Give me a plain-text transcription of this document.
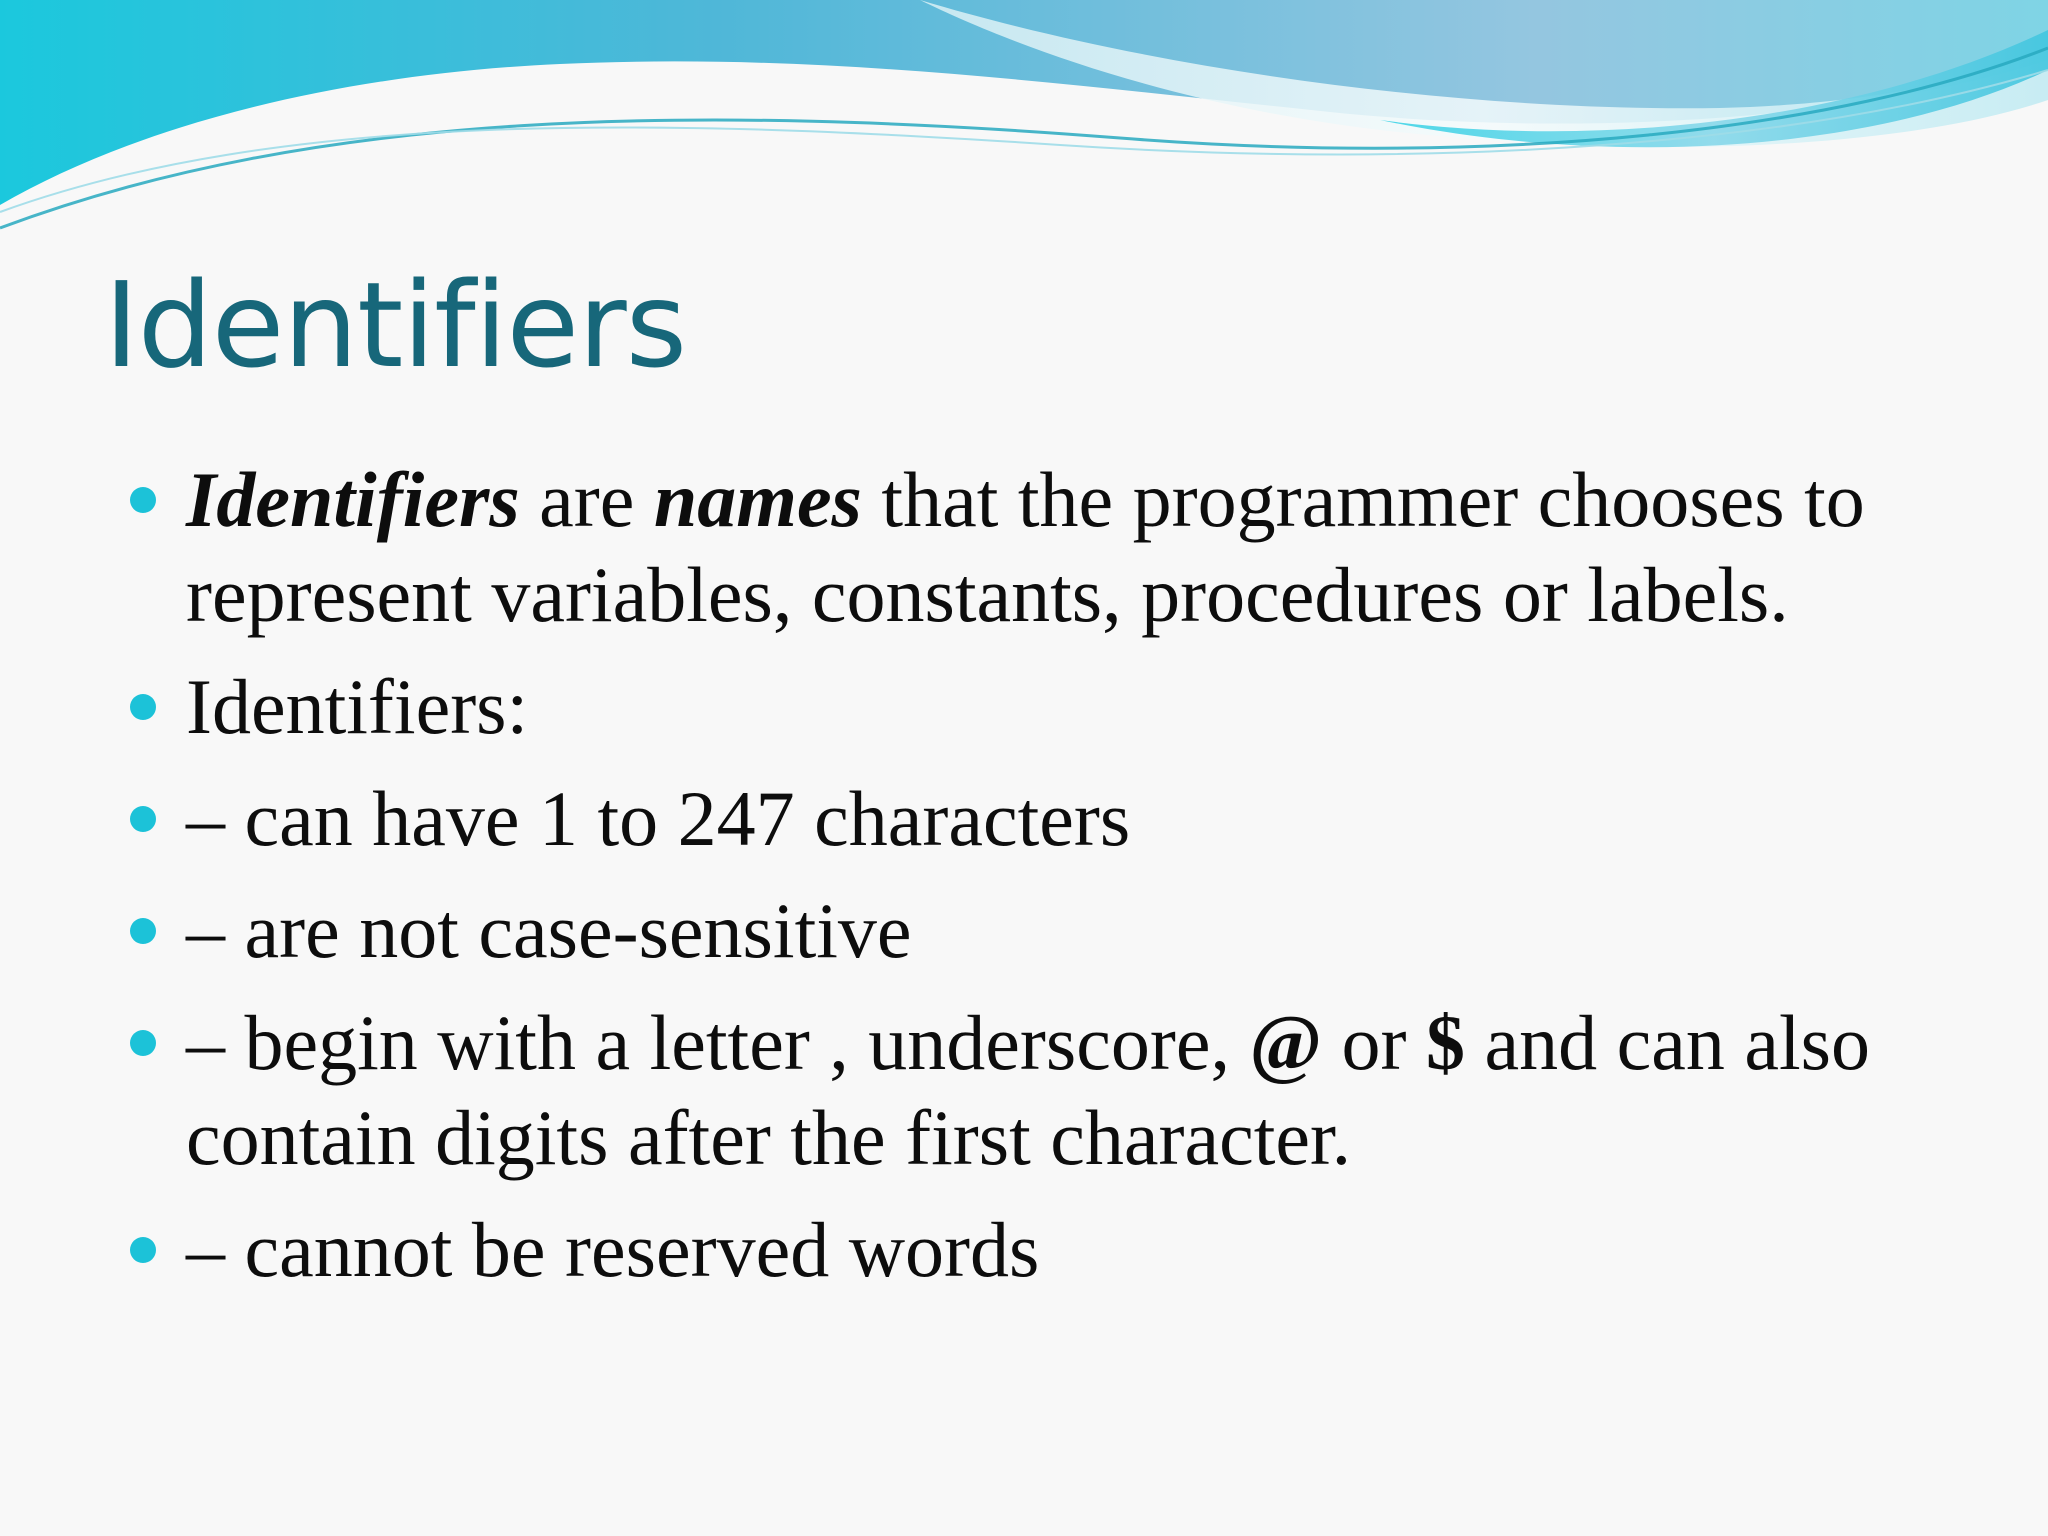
Identifiers
Identifiers are names that the programmer chooses to represent variables, constants, procedures or labels.
Identifiers:
– can have 1 to 247 characters
– are not case-sensitive
– begin with a letter , underscore, @ or $ and can also contain digits after the first character.
– cannot be reserved words
